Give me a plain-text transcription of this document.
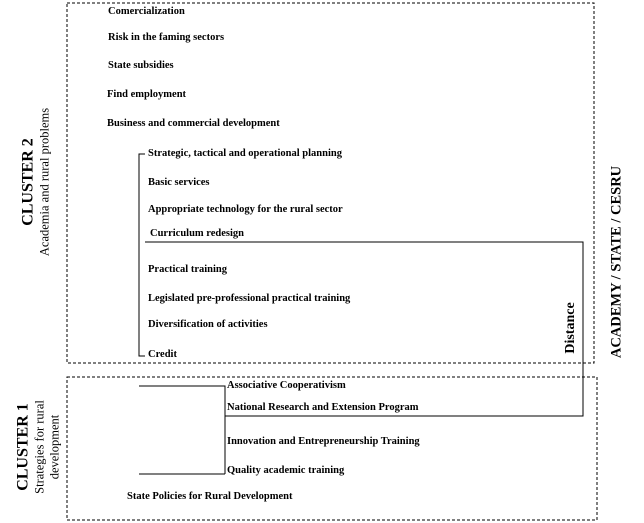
Comercialization
Risk in the faming sectors
State subsidies
Find employment
Business and commercial development
Strategic, tactical and operational planning
Basic services
Appropriate technology for the rural sector
Curriculum redesign
Practical training
Legislated pre-professional practical training
Diversification of activities
Credit
Associative Cooperativism
National Research and Extension Program
Innovation and Entrepreneurship Training
Quality academic training
State Policies for Rural Development
CLUSTER 2 Academia and rural problems
CLUSTER 1 Strategies for rural development
Distance ACADEMY / STATE / CESRU
